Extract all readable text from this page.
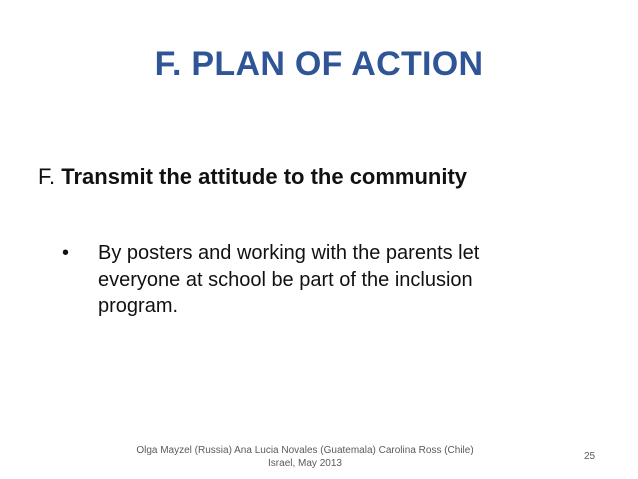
F. PLAN OF ACTION
F. Transmit the attitude to the community
•	By posters and working with the parents let everyone at school be part of the inclusion program.
Olga Mayzel (Russia) Ana Lucia Novales (Guatemala) Carolina Ross (Chile)
Israel, May 2013
25
